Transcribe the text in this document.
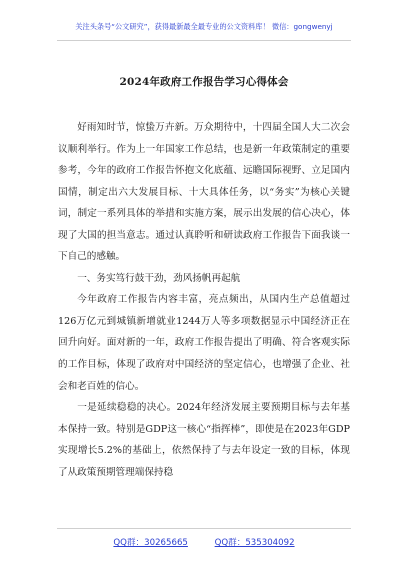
关注头条号“公文研究”，获得最新最全最专业的公文资料库！ 微信：gongwenyj
2024年政府工作报告学习心得体会

好雨知时节，惊蛰万卉新。万众期待中，十四届全国人大二次会议顺利举行。作为上一年国家工作总结，也是新一年政策制定的重要参考，今年的政府工作报告怀抱文化底蕴、远瞻国际视野、立足国内国情，制定出六大发展目标、十大具体任务，以“务实”为核心关键词，制定一系列具体的举措和实施方案，展示出发展的信心决心，体现了大国的担当意志。通过认真聆听和研读政府工作报告下面我谈一下自己的感触。

一、务实笃行鼓干劲，劲风扬帆再起航

今年政府工作报告内容丰富，亮点频出，从国内生产总值超过126万亿元到城镇新增就业1244万人等多项数据显示中国经济正在回升向好。面对新的一年，政府工作报告提出了明确、符合客观实际的工作目标，体现了政府对中国经济的坚定信心，也增强了企业、社会和老百姓的信心。

一是延续稳稳的决心。2024年经济发展主要预期目标与去年基本保持一致。特别是GDP这一核心“指挥棒”，即使是在2023年GDP实现增长5.2%的基础上，依然保持了与去年设定一致的目标，体现了从政策预期管理端保持稳

QQ群：30265665	QQ群：535304092
